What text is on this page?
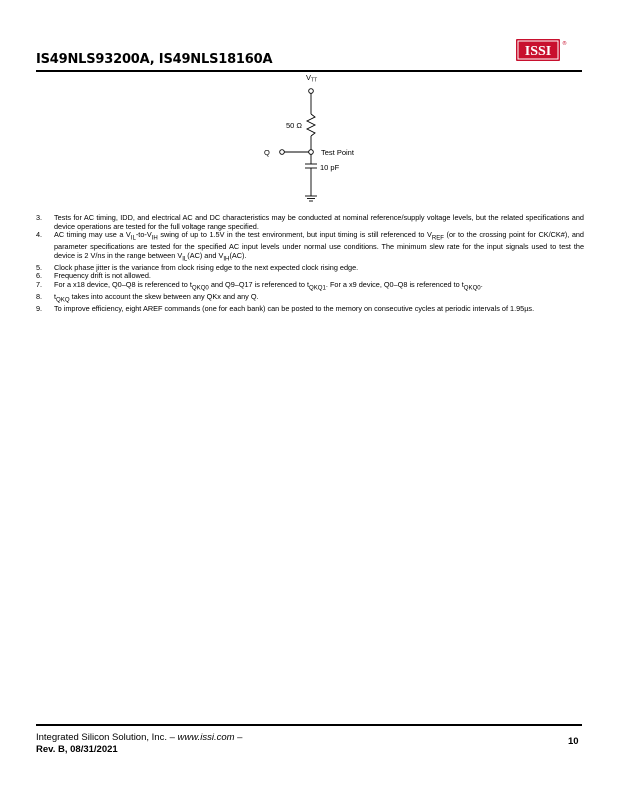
IS49NLS93200A, IS49NLS18160A
ISSI ®
$V_{TT}$
50 Ω
Q	Test Point
10 pF
3.	Tests for AC timing, IDD, and electrical AC and DC characteristics may be conducted at nominal reference/supply voltage levels, but the related specifications and device operations are tested for the full voltage range specified.
4.	AC timing may use a $V_{IL}-to-V_{IH}$ swing of up to 1.5V in the test environment, but input timing is still referenced to $V_{REF}$ (or to the crossing point for CK/CK#), and parameter specifications are tested for the specified AC input levels under normal use conditions. The minimum slew rate for the input signals used to test the device is 2 V/ns in the range between $V_{IL}(AC)$ and $V_{IH}(AC)$.
5.	Clock phase jitter is the variance from clock rising edge to the next expected clock rising edge.
6.	Frequency drift is not allowed.
7.	For a x18 device, Q0–Q8 is referenced to $t_{QKQ0}$ and Q9–Q17 is referenced to $t_{QKQ1}$. For a x9 device, Q0–Q8 is referenced to $t_{QKQ0}$.
8.	$t_{QKQ}$ takes into account the skew between any QKx and any Q.
9.	To improve efficiency, eight AREF commands (one for each bank) can be posted to the memory on consecutive cycles at periodic intervals of 1.95µs.
Integrated Silicon Solution, Inc. – www.issi.com –
Rev. B, 08/31/2021
10
